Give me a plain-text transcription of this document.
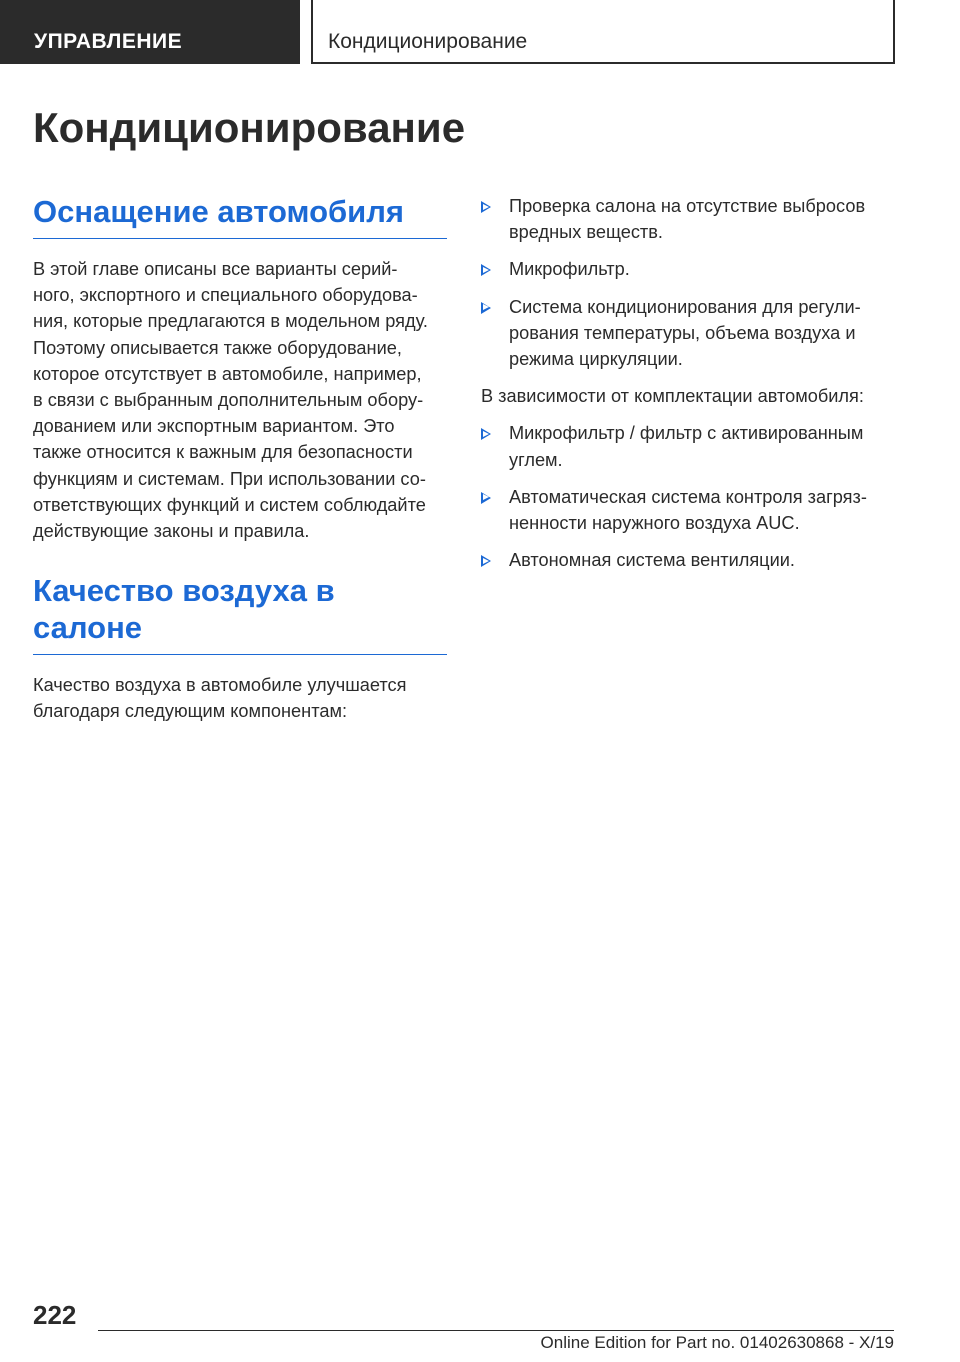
УПРАВЛЕНИЕ	Кондиционирование
Кондиционирование
Оснащение автомобиля

В этой главе описаны все варианты серий-
ного, экспортного и специального оборудова-
ния, которые предлагаются в модельном ряду.
Поэтому описывается также оборудование,
которое отсутствует в автомобиле, например,
в связи с выбранным дополнительным обору-
дованием или экспортным вариантом. Это
также относится к важным для безопасности
функциям и системам. При использовании со-
ответствующих функций и систем соблюдайте
действующие законы и правила.

Качество воздуха в
салоне

Качество воздуха в автомобиле улучшается
благодаря следующим компонентам:

Проверка салона на отсутствие выбросов
вредных веществ.
Микрофильтр.
Система кондиционирования для регули-
рования температуры, объема воздуха и
режима циркуляции.

В зависимости от комплектации автомобиля:

Микрофильтр / фильтр с активированным
углем.
Автоматическая система контроля загряз-
ненности наружного воздуха AUC.
Автономная система вентиляции.
222
Online Edition for Part no. 01402630868 - X/19
